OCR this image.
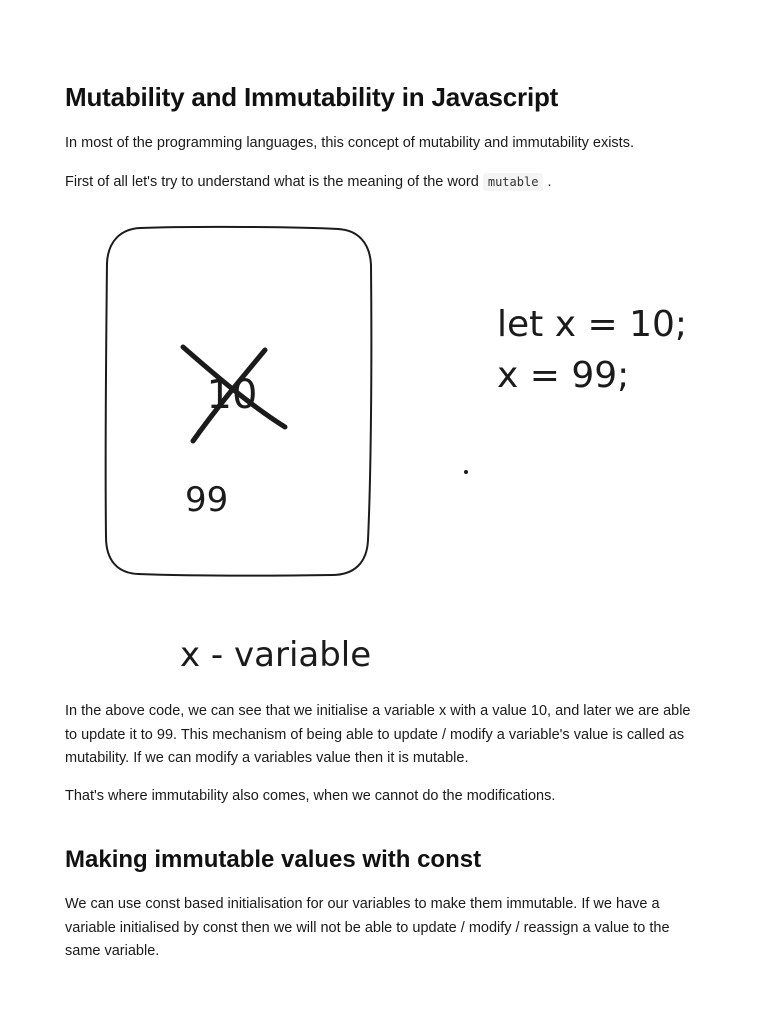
Mutability and Immutability in Javascript

In most of the programming languages, this concept of mutability and immutability exists.

First of all let's try to understand what is the meaning of the word mutable .

10
99
let x = 10;
x = 99;
x - variable

In the above code, we can see that we initialise a variable x with a value 10, and later we are able to update it to 99. This mechanism of being able to update / modify a variable's value is called as mutability. If we can modify a variables value then it is mutable.

That's where immutability also comes, when we cannot do the modifications.

Making immutable values with const

We can use const based initialisation for our variables to make them immutable. If we have a variable initialised by const then we will not be able to update / modify / reassign a value to the same variable.
